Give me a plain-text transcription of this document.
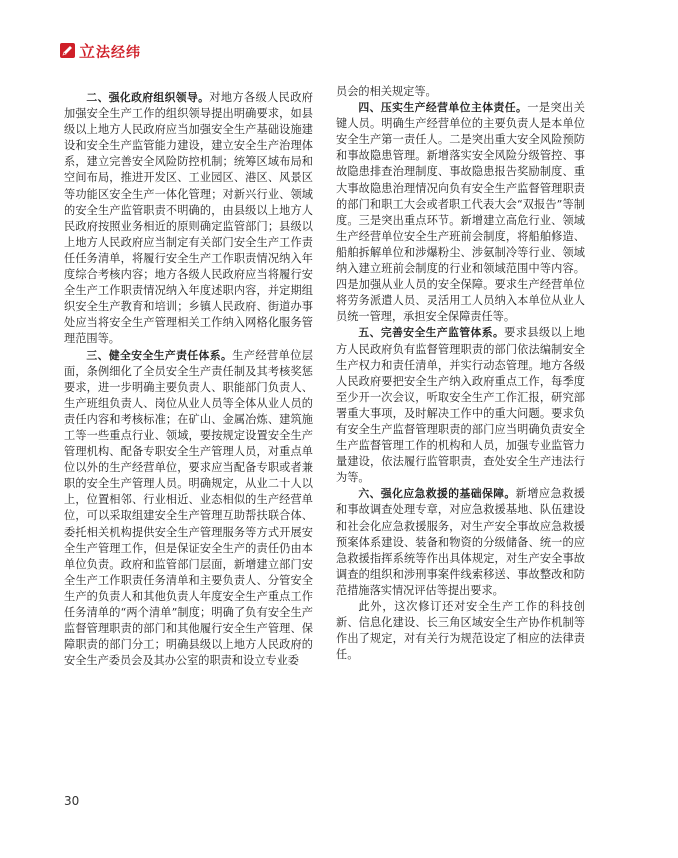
立法经纬

二、强化政府组织领导。对地方各级人民政府加强安全生产工作的组织领导提出明确要求，如县级以上地方人民政府应当加强安全生产基础设施建设和安全生产监管能力建设，建立安全生产治理体系，建立完善安全风险防控机制；统筹区域布局和空间布局，推进开发区、工业园区、港区、风景区等功能区安全生产一体化管理；对新兴行业、领域的安全生产监管职责不明确的，由县级以上地方人民政府按照业务相近的原则确定监管部门；县级以上地方人民政府应当制定有关部门安全生产工作责任任务清单，将履行安全生产工作职责情况纳入年度综合考核内容；地方各级人民政府应当将履行安全生产工作职责情况纳入年度述职内容，并定期组织安全生产教育和培训；乡镇人民政府、街道办事处应当将安全生产管理相关工作纳入网格化服务管理范围等。

三、健全安全生产责任体系。生产经营单位层面，条例细化了全员安全生产责任制及其考核奖惩要求，进一步明确主要负责人、职能部门负责人、生产班组负责人、岗位从业人员等全体从业人员的责任内容和考核标准；在矿山、金属冶炼、建筑施工等一些重点行业、领域，要按规定设置安全生产管理机构、配备专职安全生产管理人员，对重点单位以外的生产经营单位，要求应当配备专职或者兼职的安全生产管理人员。明确规定，从业二十人以上，位置相邻、行业相近、业态相似的生产经营单位，可以采取组建安全生产管理互助帮扶联合体、委托相关机构提供安全生产管理服务等方式开展安全生产管理工作，但是保证安全生产的责任仍由本单位负责。政府和监管部门层面，新增建立部门安全生产工作职责任务清单和主要负责人、分管安全生产的负责人和其他负责人年度安全生产重点工作任务清单的“两个清单”制度；明确了负有安全生产监督管理职责的部门和其他履行安全生产管理、保障职责的部门分工；明确县级以上地方人民政府的安全生产委员会及其办公室的职责和设立专业委

员会的相关规定等。

四、压实生产经营单位主体责任。一是突出关键人员。明确生产经营单位的主要负责人是本单位安全生产第一责任人。二是突出重大安全风险预防和事故隐患管理。新增落实安全风险分级管控、事故隐患排查治理制度、事故隐患报告奖励制度、重大事故隐患治理情况向负有安全生产监督管理职责的部门和职工大会或者职工代表大会“双报告”等制度。三是突出重点环节。新增建立高危行业、领域生产经营单位安全生产班前会制度，将船舶修造、船舶拆解单位和涉爆粉尘、涉氨制冷等行业、领域纳入建立班前会制度的行业和领域范围中等内容。四是加强从业人员的安全保障。要求生产经营单位将劳务派遣人员、灵活用工人员纳入本单位从业人员统一管理，承担安全保障责任等。

五、完善安全生产监管体系。要求县级以上地方人民政府负有监督管理职责的部门依法编制安全生产权力和责任清单，并实行动态管理。地方各级人民政府要把安全生产纳入政府重点工作，每季度至少开一次会议，听取安全生产工作汇报，研究部署重大事项，及时解决工作中的重大问题。要求负有安全生产监督管理职责的部门应当明确负责安全生产监督管理工作的机构和人员，加强专业监管力量建设，依法履行监管职责，查处安全生产违法行为等。

六、强化应急救援的基础保障。新增应急救援和事故调查处理专章，对应急救援基地、队伍建设和社会化应急救援服务，对生产安全事故应急救援预案体系建设、装备和物资的分级储备、统一的应急救援指挥系统等作出具体规定，对生产安全事故调查的组织和涉刑事案件线索移送、事故整改和防范措施落实情况评估等提出要求。

此外，这次修订还对安全生产工作的科技创新、信息化建设、长三角区域安全生产协作机制等作出了规定，对有关行为规范设定了相应的法律责任。

30
